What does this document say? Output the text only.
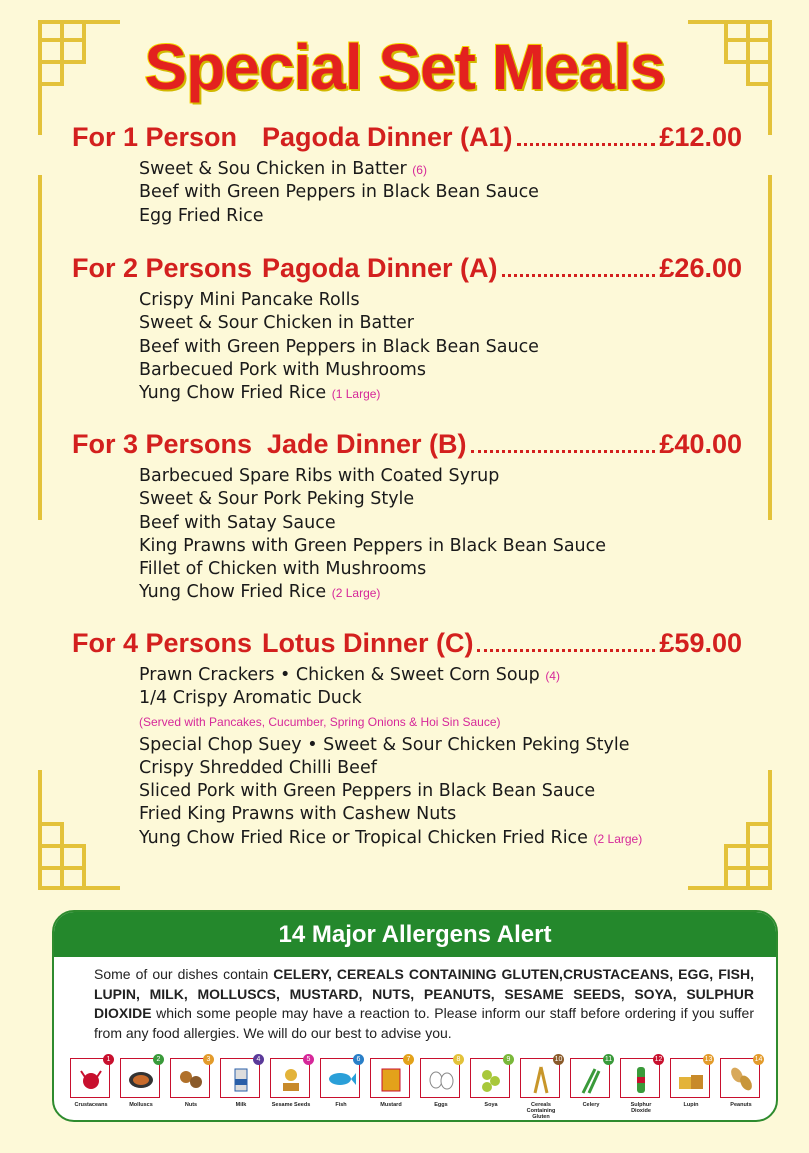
Special Set Meals
For 1 Person Pagoda Dinner (A1)	£12.00
Sweet & Sou Chicken in Batter (6)
Beef with Green Peppers in Black Bean Sauce
Egg Fried Rice
For 2 Persons Pagoda Dinner (A)	£26.00
Crispy Mini Pancake Rolls
Sweet & Sour Chicken in Batter
Beef with Green Peppers in Black Bean Sauce
Barbecued Pork with Mushrooms
Yung Chow Fried Rice (1 Large)
For 3 Persons Jade Dinner (B)	£40.00
Barbecued Spare Ribs with Coated Syrup
Sweet & Sour Pork Peking Style
Beef with Satay Sauce
King Prawns with Green Peppers in Black Bean Sauce
Fillet of Chicken with Mushrooms
Yung Chow Fried Rice (2 Large)
For 4 Persons Lotus Dinner (C)	£59.00
Prawn Crackers • Chicken & Sweet Corn Soup (4)
1/4 Crispy Aromatic Duck
(Served with Pancakes, Cucumber, Spring Onions & Hoi Sin Sauce)
Special Chop Suey • Sweet & Sour Chicken Peking Style
Crispy Shredded Chilli Beef
Sliced Pork with Green Peppers in Black Bean Sauce
Fried King Prawns with Cashew Nuts
Yung Chow Fried Rice or Tropical Chicken Fried Rice (2 Large)
14 Major Allergens Alert
Some of our dishes contain CELERY, CEREALS CONTAINING GLUTEN,CRUSTACEANS, EGG, FISH, LUPIN, MILK, MOLLUSCS, MUSTARD, NUTS, PEANUTS, SESAME SEEDS, SOYA, SULPHUR DIOXIDE which some people may have a reaction to. Please inform our staff before ordering if you suffer from any food allergies. We will do our best to advise you.
1
Crustaceans
2
Molluscs
3
Nuts
4
Milk
5
Sesame Seeds
6
Fish
7
Mustard
8
Eggs
9
Soya
10
Cereals Containing Gluten
11
Celery
12
Sulphur Dioxide
13
Lupin
14
Peanuts
